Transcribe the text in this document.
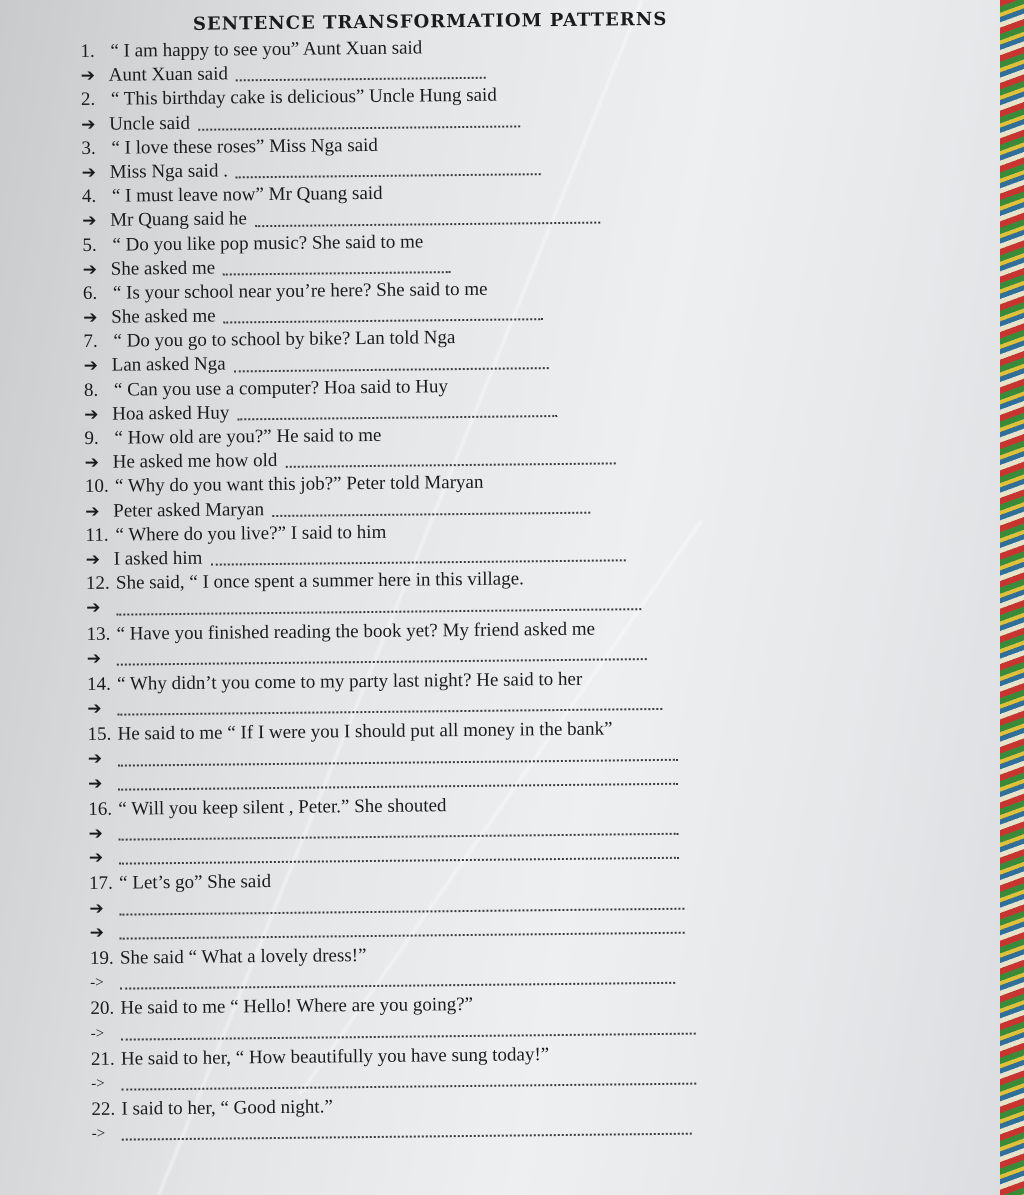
SENTENCE TRANSFORMATIOM PATTERNS
1. “ I am happy to see you” Aunt Xuan said
➔ Aunt Xuan said
2. “ This birthday cake is delicious” Uncle Hung said
➔ Uncle said
3. “ I love these roses” Miss Nga said
➔ Miss Nga said .
4. “ I must leave now” Mr Quang said
➔ Mr Quang said he
5. “ Do you like pop music? She said to me
➔ She asked me
6. “ Is your school near you’re here? She said to me
➔ She asked me
7. “ Do you go to school by bike? Lan told Nga
➔ Lan asked Nga
8. “ Can you use a computer? Hoa said to Huy
➔ Hoa asked Huy
9. “ How old are you?” He said to me
➔ He asked me how old
10. “ Why do you want this job?” Peter told Maryan
➔ Peter asked Maryan
11. “ Where do you live?” I said to him
➔ I asked him
12. She said, “ I once spent a summer here in this village.
➔
13. “ Have you finished reading the book yet? My friend asked me
➔
14. “ Why didn’t you come to my party last night? He said to her
➔
15. He said to me “ If I were you I should put all money in the bank”
➔
➔
16. “ Will you keep silent , Peter.” She shouted
➔
➔
17. “ Let’s go” She said
➔
➔
19. She said “ What a lovely dress!”
->
20. He said to me “ Hello! Where are you going?”
->
21. He said to her, “ How beautifully you have sung today!”
->
22. I said to her, “ Good night.”
->
